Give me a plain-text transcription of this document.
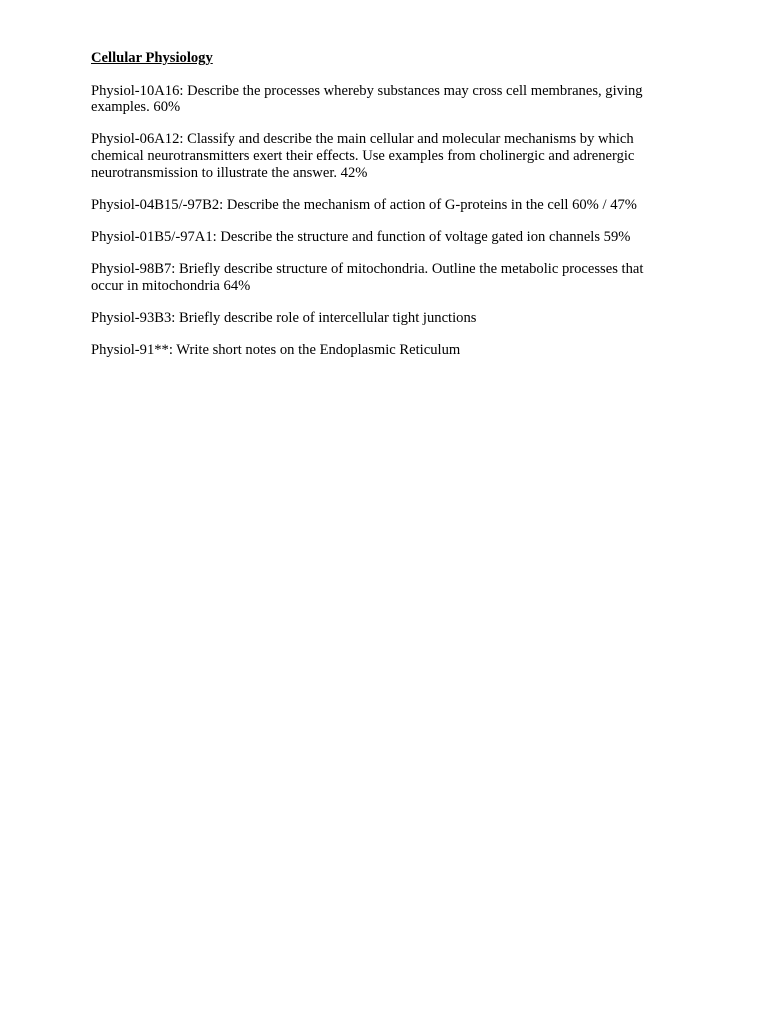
Cellular Physiology

Physiol-10A16: Describe the processes whereby substances may cross cell membranes, giving examples. 60%

Physiol-06A12: Classify and describe the main cellular and molecular mechanisms by which chemical neurotransmitters exert their effects. Use examples from cholinergic and adrenergic neurotransmission to illustrate the answer. 42%

Physiol-04B15/-97B2: Describe the mechanism of action of G-proteins in the cell 60% / 47%

Physiol-01B5/-97A1: Describe the structure and function of voltage gated ion channels 59%

Physiol-98B7: Briefly describe structure of mitochondria. Outline the metabolic processes that occur in mitochondria 64%

Physiol-93B3: Briefly describe role of intercellular tight junctions

Physiol-91**: Write short notes on the Endoplasmic Reticulum
